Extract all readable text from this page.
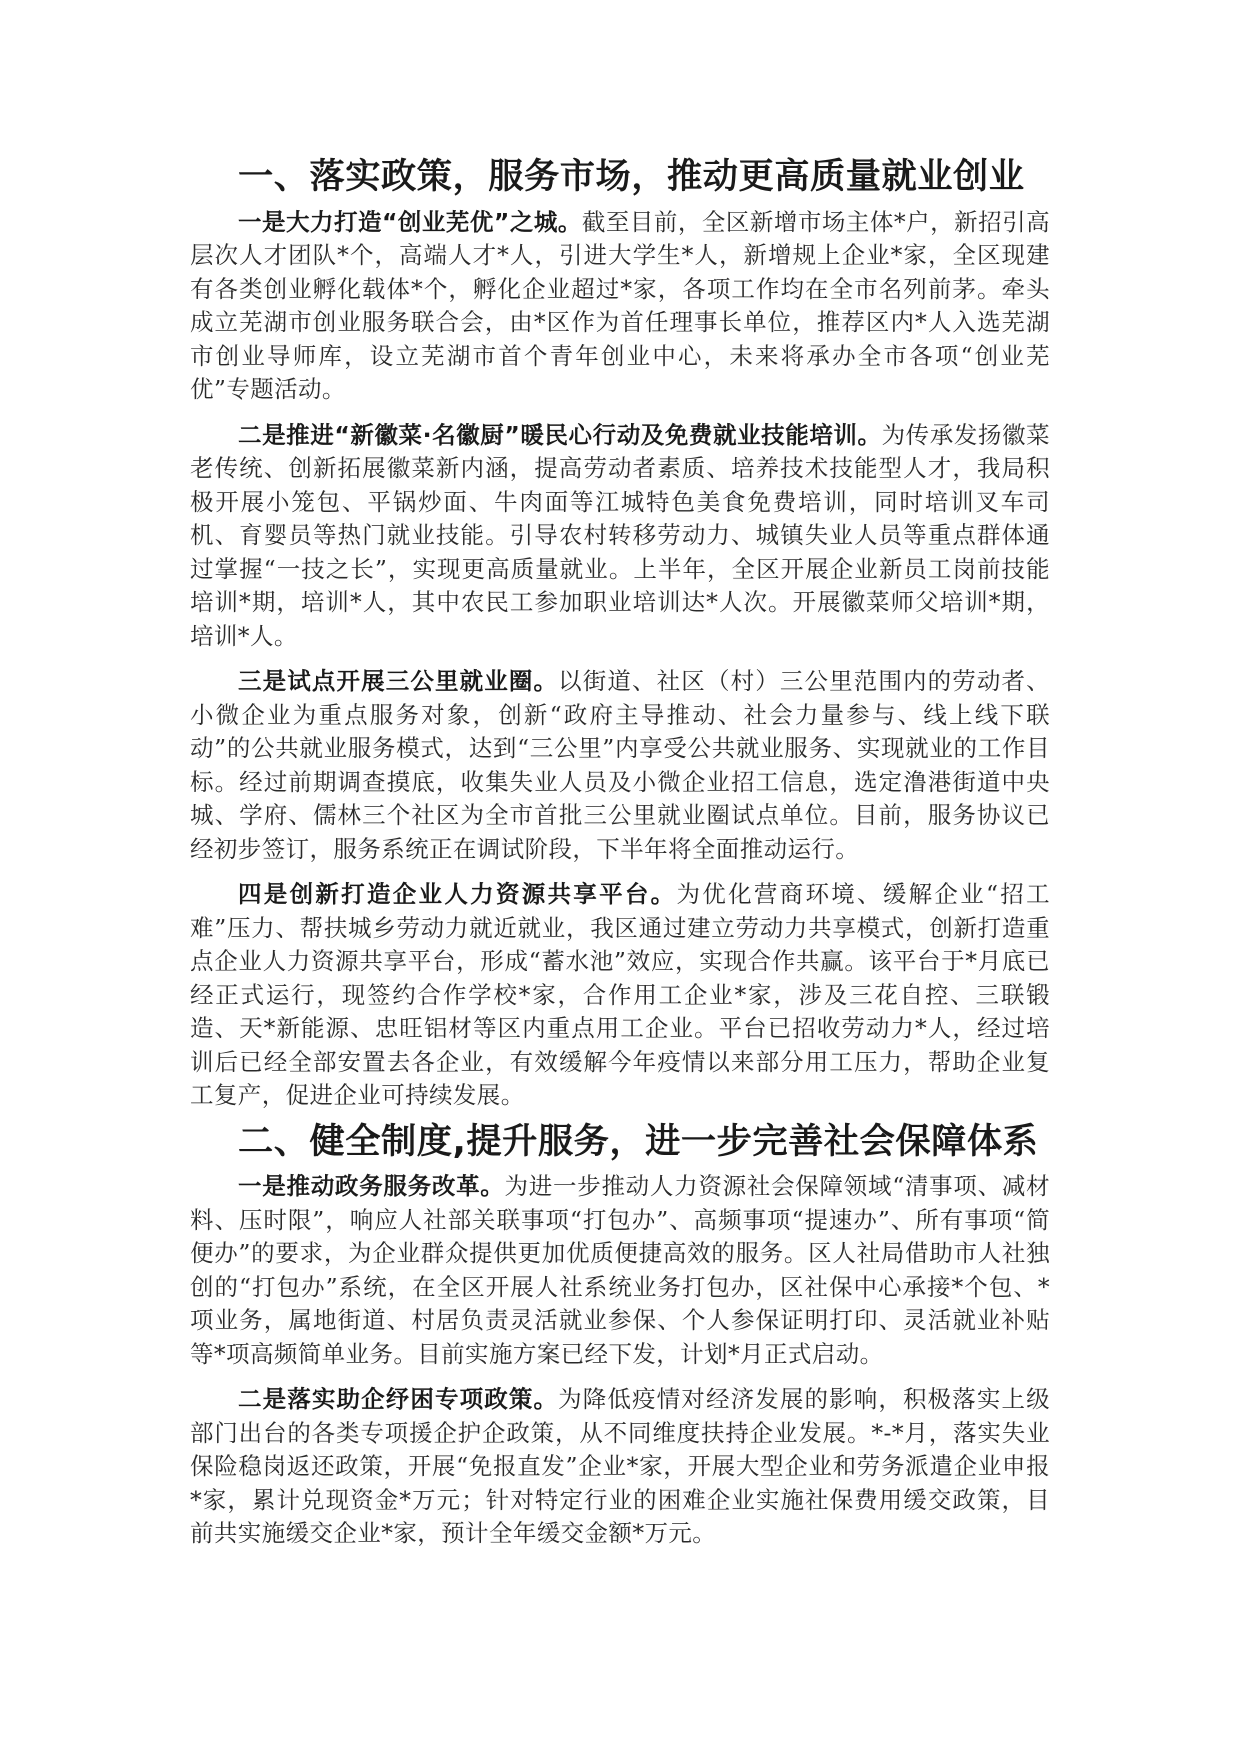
一、落实政策，服务市场，推动更高质量就业创业

一是大力打造“创业芜优”之城。截至目前，全区新增市场主体*户，新招引高层次人才团队*个，高端人才*人，引进大学生*人，新增规上企业*家，全区现建有各类创业孵化载体*个，孵化企业超过*家，各项工作均在全市名列前茅。牵头成立芜湖市创业服务联合会，由*区作为首任理事长单位，推荐区内*人入选芜湖市创业导师库，设立芜湖市首个青年创业中心，未来将承办全市各项“创业芜优”专题活动。

二是推进“新徽菜·名徽厨”暖民心行动及免费就业技能培训。为传承发扬徽菜老传统、创新拓展徽菜新内涵，提高劳动者素质、培养技术技能型人才，我局积极开展小笼包、平锅炒面、牛肉面等江城特色美食免费培训，同时培训叉车司机、育婴员等热门就业技能。引导农村转移劳动力、城镇失业人员等重点群体通过掌握“一技之长”，实现更高质量就业。上半年，全区开展企业新员工岗前技能培训*期，培训*人，其中农民工参加职业培训达*人次。开展徽菜师父培训*期，培训*人。

三是试点开展三公里就业圈。以街道、社区（村）三公里范围内的劳动者、小微企业为重点服务对象，创新“政府主导推动、社会力量参与、线上线下联动”的公共就业服务模式，达到“三公里”内享受公共就业服务、实现就业的工作目标。经过前期调查摸底，收集失业人员及小微企业招工信息，选定澛港街道中央城、学府、儒林三个社区为全市首批三公里就业圈试点单位。目前，服务协议已经初步签订，服务系统正在调试阶段，下半年将全面推动运行。

四是创新打造企业人力资源共享平台。为优化营商环境、缓解企业“招工难”压力、帮扶城乡劳动力就近就业，我区通过建立劳动力共享模式，创新打造重点企业人力资源共享平台，形成“蓄水池”效应，实现合作共赢。该平台于*月底已经正式运行，现签约合作学校*家，合作用工企业*家，涉及三花自控、三联锻造、天*新能源、忠旺铝材等区内重点用工企业。平台已招收劳动力*人，经过培训后已经全部安置去各企业，有效缓解今年疫情以来部分用工压力，帮助企业复工复产，促进企业可持续发展。

二、健全制度,提升服务，进一步完善社会保障体系

一是推动政务服务改革。为进一步推动人力资源社会保障领域“清事项、减材料、压时限”，响应人社部关联事项“打包办”、高频事项“提速办”、所有事项“简便办”的要求，为企业群众提供更加优质便捷高效的服务。区人社局借助市人社独创的“打包办”系统，在全区开展人社系统业务打包办，区社保中心承接*个包、*项业务，属地街道、村居负责灵活就业参保、个人参保证明打印、灵活就业补贴等*项高频简单业务。目前实施方案已经下发，计划*月正式启动。

二是落实助企纾困专项政策。为降低疫情对经济发展的影响，积极落实上级部门出台的各类专项援企护企政策，从不同维度扶持企业发展。*-*月，落实失业保险稳岗返还政策，开展“免报直发”企业*家，开展大型企业和劳务派遣企业申报*家，累计兑现资金*万元；针对特定行业的困难企业实施社保费用缓交政策，目前共实施缓交企业*家，预计全年缓交金额*万元。
